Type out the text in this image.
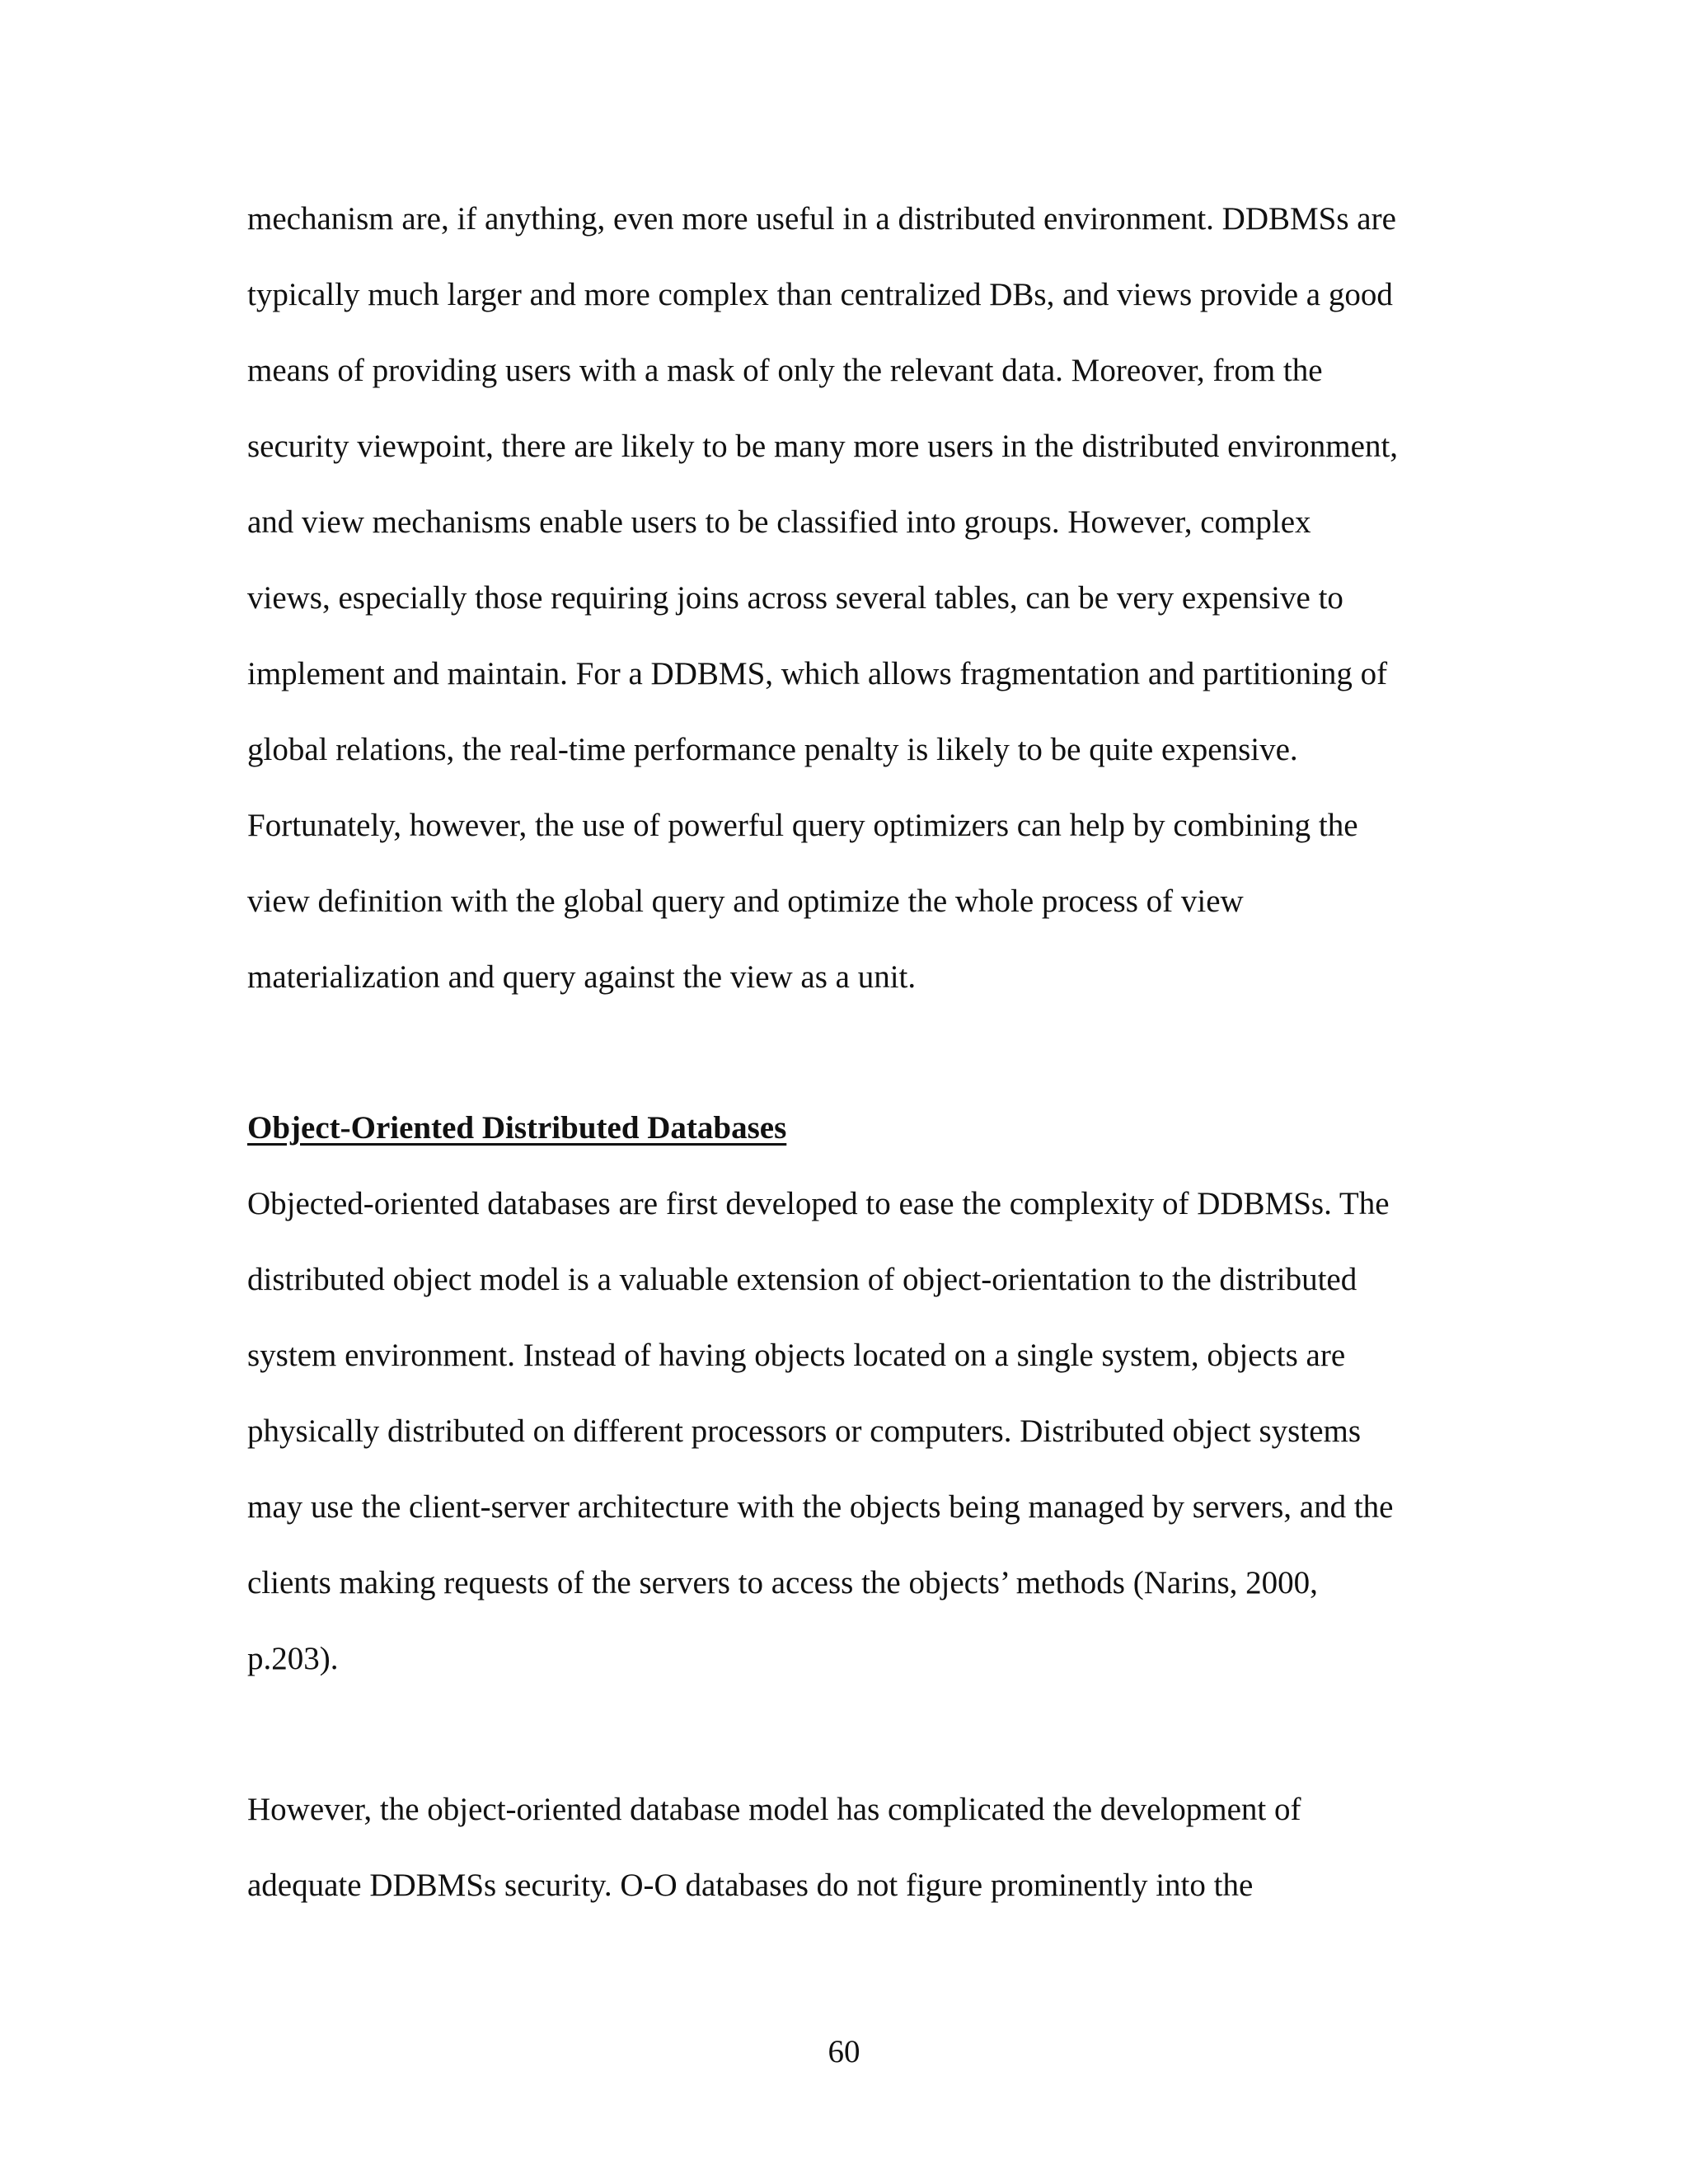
mechanism are, if anything, even more useful in a distributed environment. DDBMSs are
typically much larger and more complex than centralized DBs, and views provide a good
means of providing users with a mask of only the relevant data. Moreover, from the
security viewpoint, there are likely to be many more users in the distributed environment,
and view mechanisms enable users to be classified into groups. However, complex
views, especially those requiring joins across several tables, can be very expensive to
implement and maintain. For a DDBMS, which allows fragmentation and partitioning of
global relations, the real-time performance penalty is likely to be quite expensive.
Fortunately, however, the use of powerful query optimizers can help by combining the
view definition with the global query and optimize the whole process of view
materialization and query against the view as a unit.
Object-Oriented Distributed Databases
Objected-oriented databases are first developed to ease the complexity of DDBMSs. The
distributed object model is a valuable extension of object-orientation to the distributed
system environment. Instead of having objects located on a single system, objects are
physically distributed on different processors or computers. Distributed object systems
may use the client-server architecture with the objects being managed by servers, and the
clients making requests of the servers to access the objects’ methods (Narins, 2000,
p.203).
However, the object-oriented database model has complicated the development of
adequate DDBMSs security. O-O databases do not figure prominently into the
60
